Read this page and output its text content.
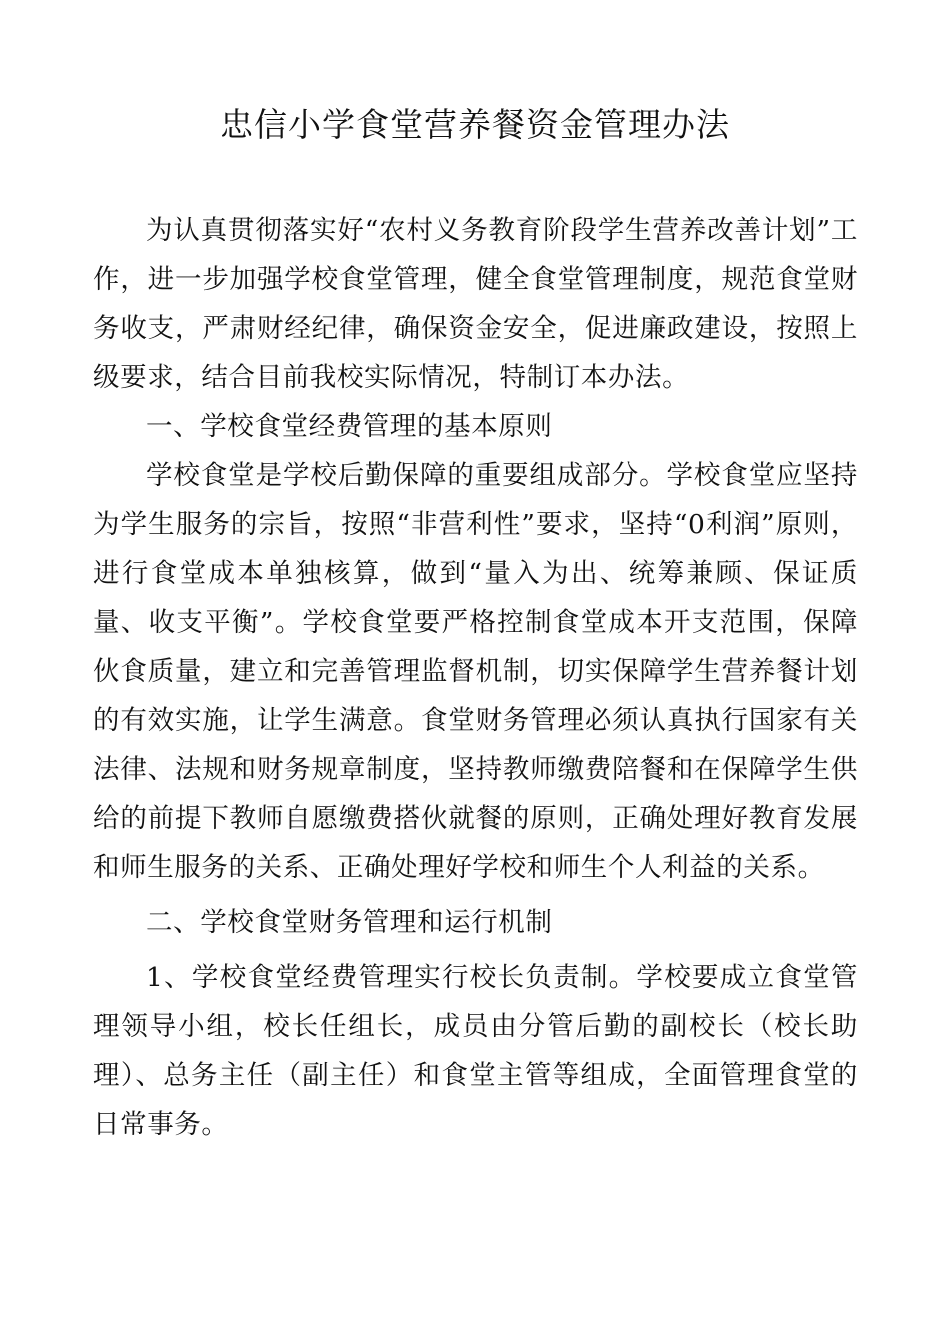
忠信小学食堂营养餐资金管理办法

为认真贯彻落实好“农村义务教育阶段学生营养改善计划”工作，进一步加强学校食堂管理，健全食堂管理制度，规范食堂财务收支，严肃财经纪律，确保资金安全，促进廉政建设，按照上级要求，结合目前我校实际情况，特制订本办法。

一、学校食堂经费管理的基本原则

学校食堂是学校后勤保障的重要组成部分。学校食堂应坚持为学生服务的宗旨，按照“非营利性”要求，坚持“0利润”原则，进行食堂成本单独核算，做到“量入为出、统筹兼顾、保证质量、收支平衡”。学校食堂要严格控制食堂成本开支范围，保障伙食质量，建立和完善管理监督机制，切实保障学生营养餐计划的有效实施，让学生满意。食堂财务管理必须认真执行国家有关法律、法规和财务规章制度，坚持教师缴费陪餐和在保障学生供给的前提下教师自愿缴费搭伙就餐的原则，正确处理好教育发展和师生服务的关系、正确处理好学校和师生个人利益的关系。

二、学校食堂财务管理和运行机制

1、学校食堂经费管理实行校长负责制。学校要成立食堂管理领导小组，校长任组长，成员由分管后勤的副校长（校长助理）、总务主任（副主任）和食堂主管等组成，全面管理食堂的日常事务。
